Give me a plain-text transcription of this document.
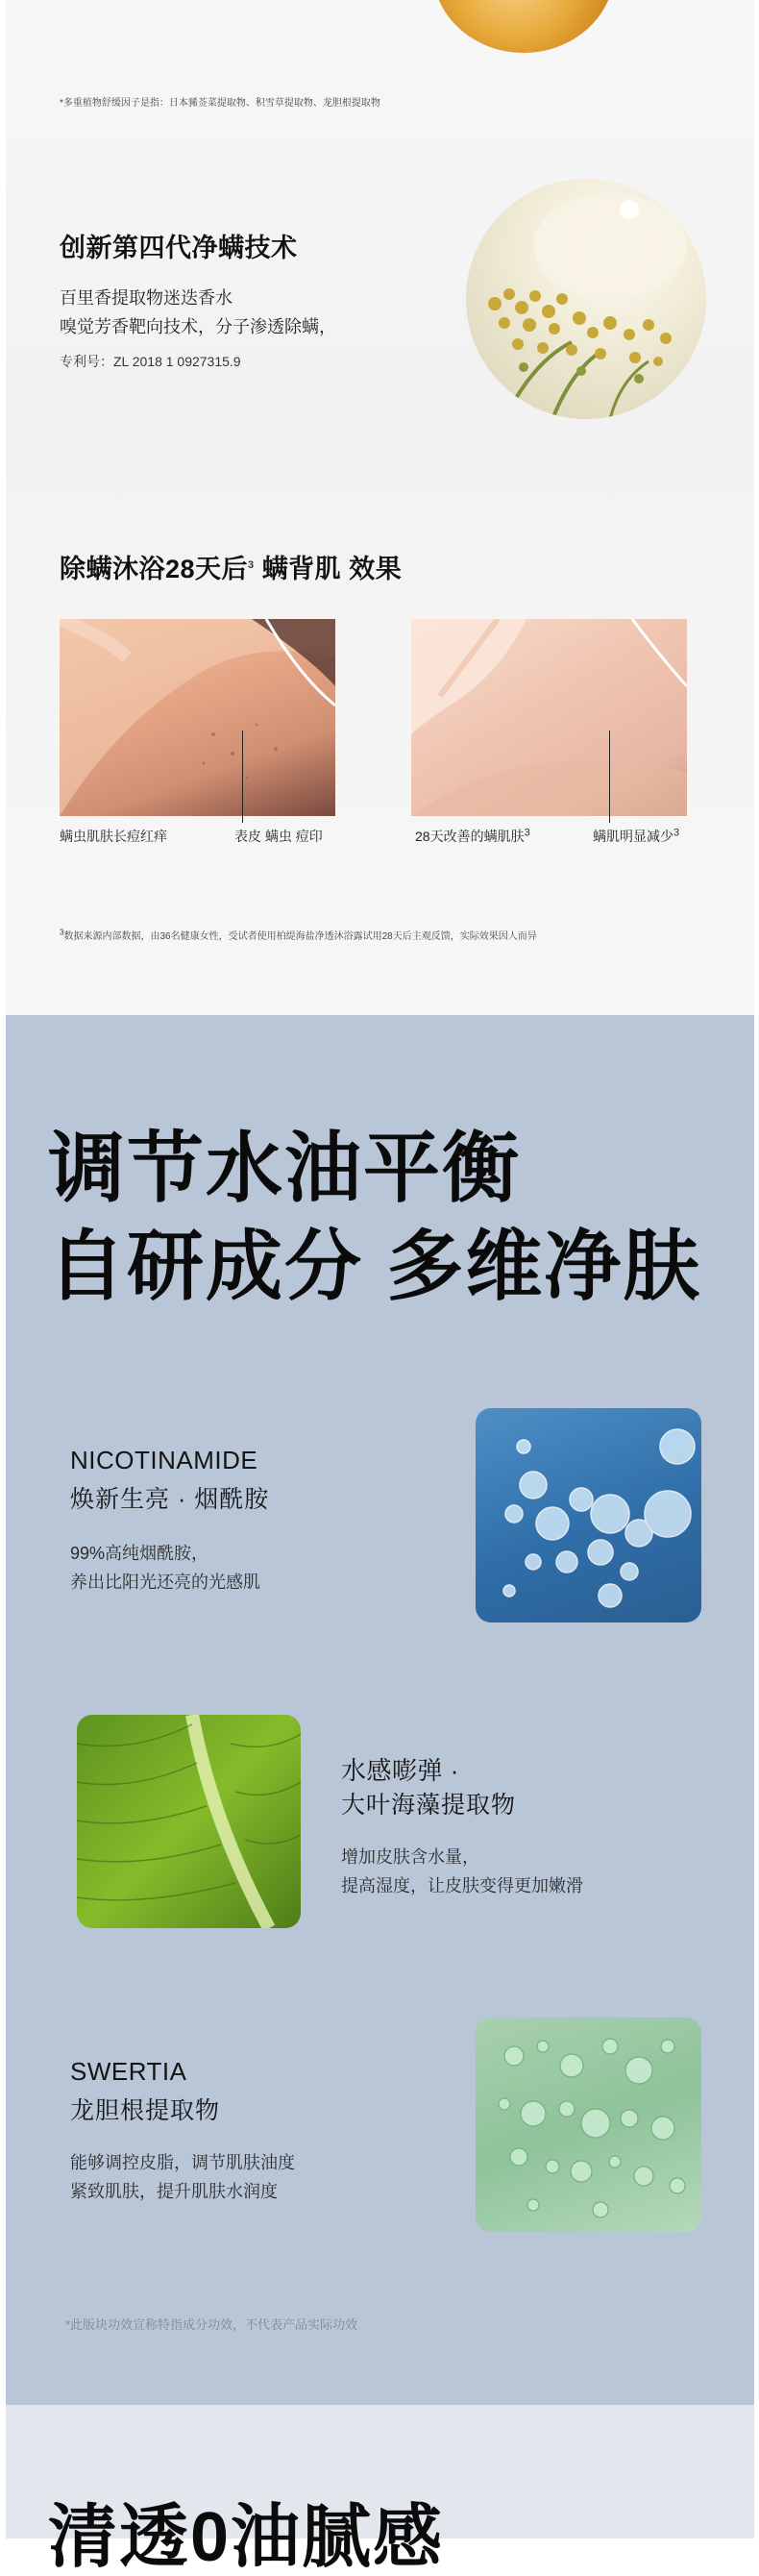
*多重植物舒缓因子是指：日本豨莶菜提取物、积雪草提取物、龙胆根提取物
创新第四代净螨技术
百里香提取物迷迭香水
嗅觉芳香靶向技术，分子渗透除螨，
专利号：ZL 2018 1 0927315.9
除螨沐浴28天后$^3$ 螨背肌 效果
螨虫肌肤长痘红痒	表皮 螨虫 痘印	28天改善的螨肌肤$^3$	螨肌明显减少$^3$
$^3$数据来源内部数据，由36名健康女性，受试者使用柏缇海盐净透沐浴露试用28天后主观反馈，实际效果因人而异
调节水油平衡
自研成分 多维净肤
NICOTINAMIDE
焕新生亮 · 烟酰胺
99%高纯烟酰胺，
养出比阳光还亮的光感肌
水感嘭弹 ·
大叶海藻提取物
增加皮肤含水量，
提高湿度，让皮肤变得更加嫩滑
SWERTIA
龙胆根提取物
能够调控皮脂，调节肌肤油度
紧致肌肤，提升肌肤水润度
*此版块功效宣称特指成分功效，不代表产品实际功效
清透0油腻感
